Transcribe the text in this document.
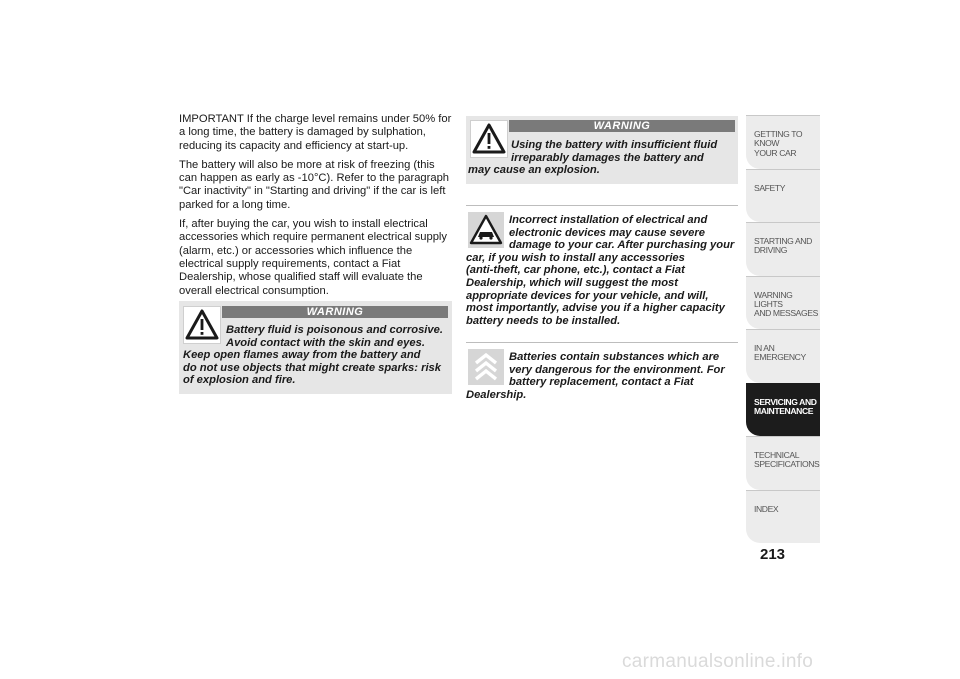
IMPORTANT If the charge level remains under 50% for a long time, the battery is damaged by sulphation, reducing its capacity and efficiency at start-up.

The battery will also be more at risk of freezing (this can happen as early as -10°C). Refer to the paragraph "Car inactivity" in "Starting and driving" if the car is left parked for a long time.

If, after buying the car, you wish to install electrical accessories which require permanent electrical supply (alarm, etc.) or accessories which influence the electrical supply requirements, contact a Fiat Dealership, whose qualified staff will evaluate the overall electrical consumption.

WARNING
Battery fluid is poisonous and corrosive.
Avoid contact with the skin and eyes.
Keep open flames away from the battery and
do not use objects that might create sparks: risk
of explosion and fire.
WARNING
Using the battery with insufficient fluid
irreparably damages the battery and
may cause an explosion.
Incorrect installation of electrical and
electronic devices may cause severe
damage to your car. After purchasing your
car, if you wish to install any accessories
(anti-theft, car phone, etc.), contact a Fiat
Dealership, which will suggest the most
appropriate devices for your vehicle, and will,
most importantly, advise you if a higher capacity
battery needs to be installed.
Batteries contain substances which are
very dangerous for the environment. For
battery replacement, contact a Fiat
Dealership.
GETTING TO KNOW
YOUR CAR
SAFETY

STARTING AND
DRIVING
WARNING LIGHTS
AND MESSAGES
IN AN EMERGENCY

SERVICING AND
MAINTENANCE
TECHNICAL
SPECIFICATIONS
INDEX

213
carmanualsonline.info
